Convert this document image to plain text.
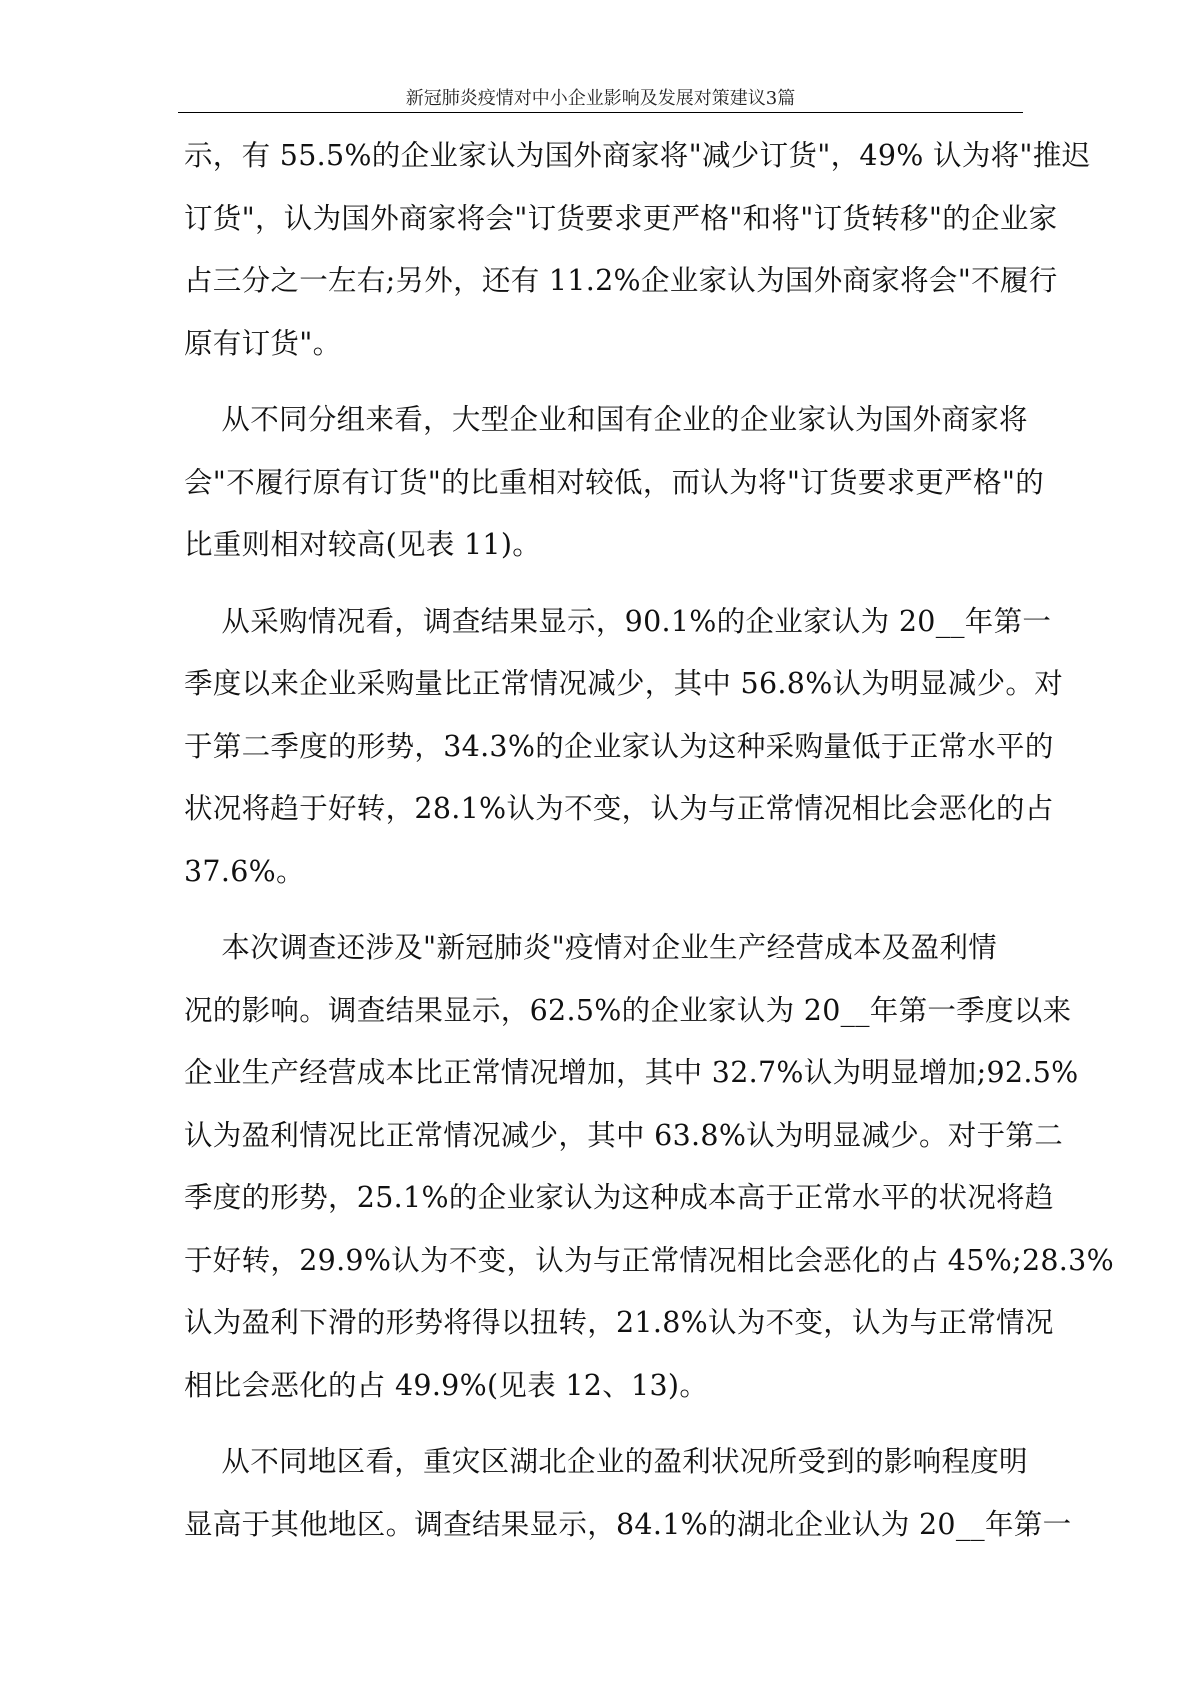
新冠肺炎疫情对中小企业影响及发展对策建议3篇
示，有 55.5%的企业家认为国外商家将"减少订货"，49% 认为将"推迟
订货"，认为国外商家将会"订货要求更严格"和将"订货转移"的企业家
占三分之一左右;另外，还有 11.2%企业家认为国外商家将会"不履行
原有订货"。
从不同分组来看，大型企业和国有企业的企业家认为国外商家将
会"不履行原有订货"的比重相对较低，而认为将"订货要求更严格"的
比重则相对较高(见表 11)。
从采购情况看，调查结果显示，90.1%的企业家认为 20__年第一
季度以来企业采购量比正常情况减少，其中 56.8%认为明显减少。对
于第二季度的形势，34.3%的企业家认为这种采购量低于正常水平的
状况将趋于好转，28.1%认为不变，认为与正常情况相比会恶化的占
37.6%。
本次调查还涉及"新冠肺炎"疫情对企业生产经营成本及盈利情
况的影响。调查结果显示，62.5%的企业家认为 20__年第一季度以来
企业生产经营成本比正常情况增加，其中 32.7%认为明显增加;92.5%
认为盈利情况比正常情况减少，其中 63.8%认为明显减少。对于第二
季度的形势，25.1%的企业家认为这种成本高于正常水平的状况将趋
于好转，29.9%认为不变，认为与正常情况相比会恶化的占 45%;28.3%
认为盈利下滑的形势将得以扭转，21.8%认为不变，认为与正常情况
相比会恶化的占 49.9%(见表 12、13)。
从不同地区看，重灾区湖北企业的盈利状况所受到的影响程度明
显高于其他地区。调查结果显示，84.1%的湖北企业认为 20__年第一
